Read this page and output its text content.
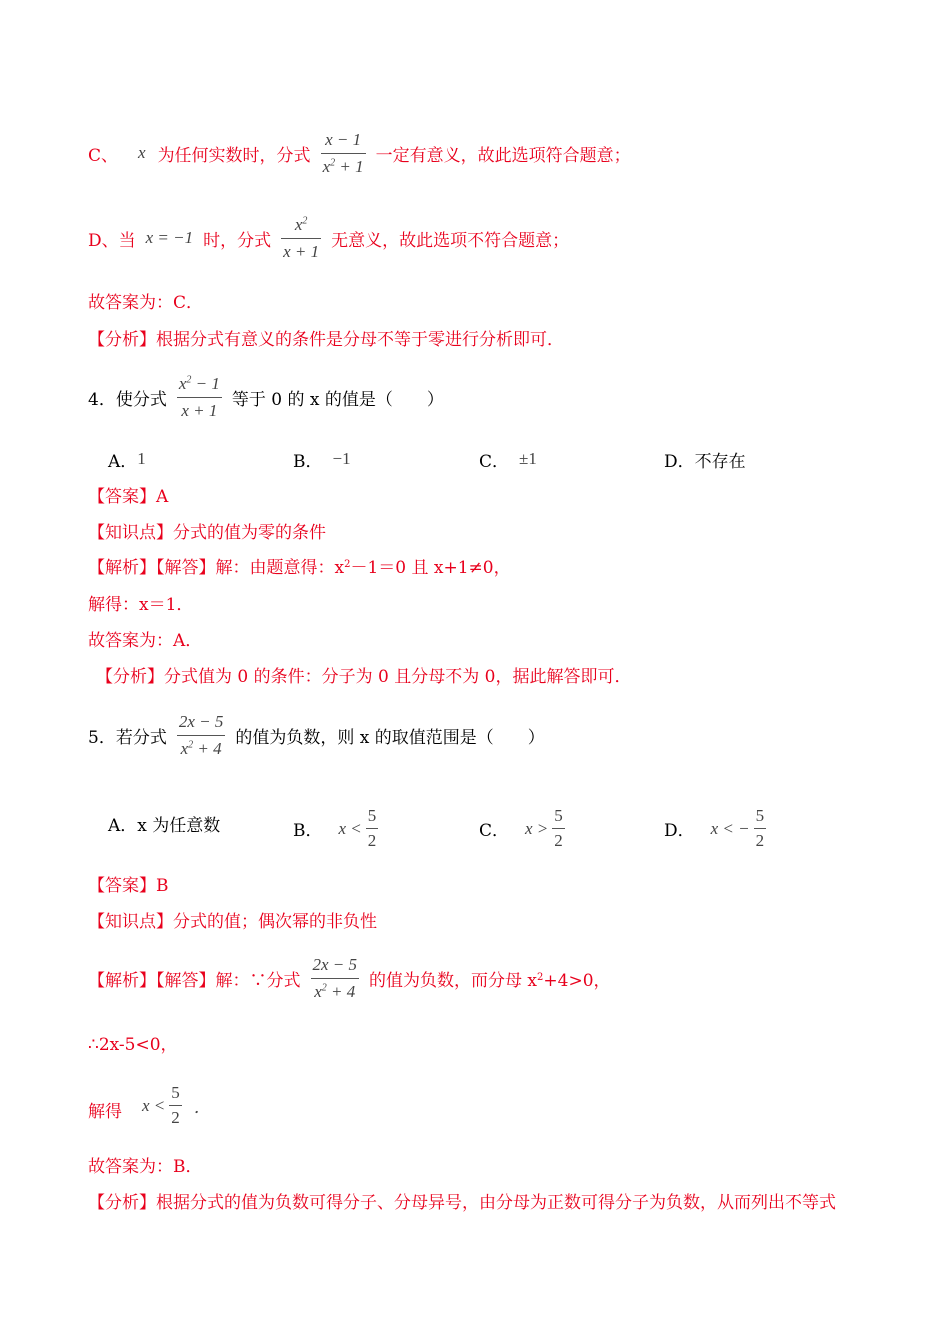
C、 x 为任何实数时，分式 $\frac{x - 1}{x^2 + 1}$ 一定有意义，故此选项符合题意；
D、当 x = −1 时，分式 $\frac{x^2}{x + 1}$ 无意义，故此选项不符合题意；
故答案为：C．
【分析】 根据分式有意义的条件是分母不等于零进行分析即可．
4．使分式 $\frac{x^2 - 1}{x + 1}$ 等于 0 的 x 的值是（　　）
A． 1	B． −1	C． ±1	D． 不存在
【答案】A
【知识点】分式的值为零的条件
【解析】【解答】 解：由题意得：x 2 －1＝0 且 x+1≠0，
解得：x＝1．
故答案为：A．
【分析】 分式值为 0 的条件：分子为 0 且分母不为 0，据此解答即可．
5．若分式 $\frac{2x - 5}{x^2 + 4}$ 的值为负数，则 x 的取值范围是（　　）
A． x 为任意数	B． $x < \frac{5}{2}$	C． $x > \frac{5}{2}$	D． x < − $\frac{5}{2}$
【答案】B
【知识点】分式的值；偶次幂的非负性
【解析】【解答】 解：∵分式 $\frac{2x - 5}{x^2 + 4}$ 的值为负数，而分母 x 2 +4>0，
∴2x-5<0，
解得 $x < \frac{5}{2}$ ．
故答案为：B．
【分析】 根据分式的值为负数可得分子、分母异号，由分母为正数可得分子为负数，从而列出不等式
